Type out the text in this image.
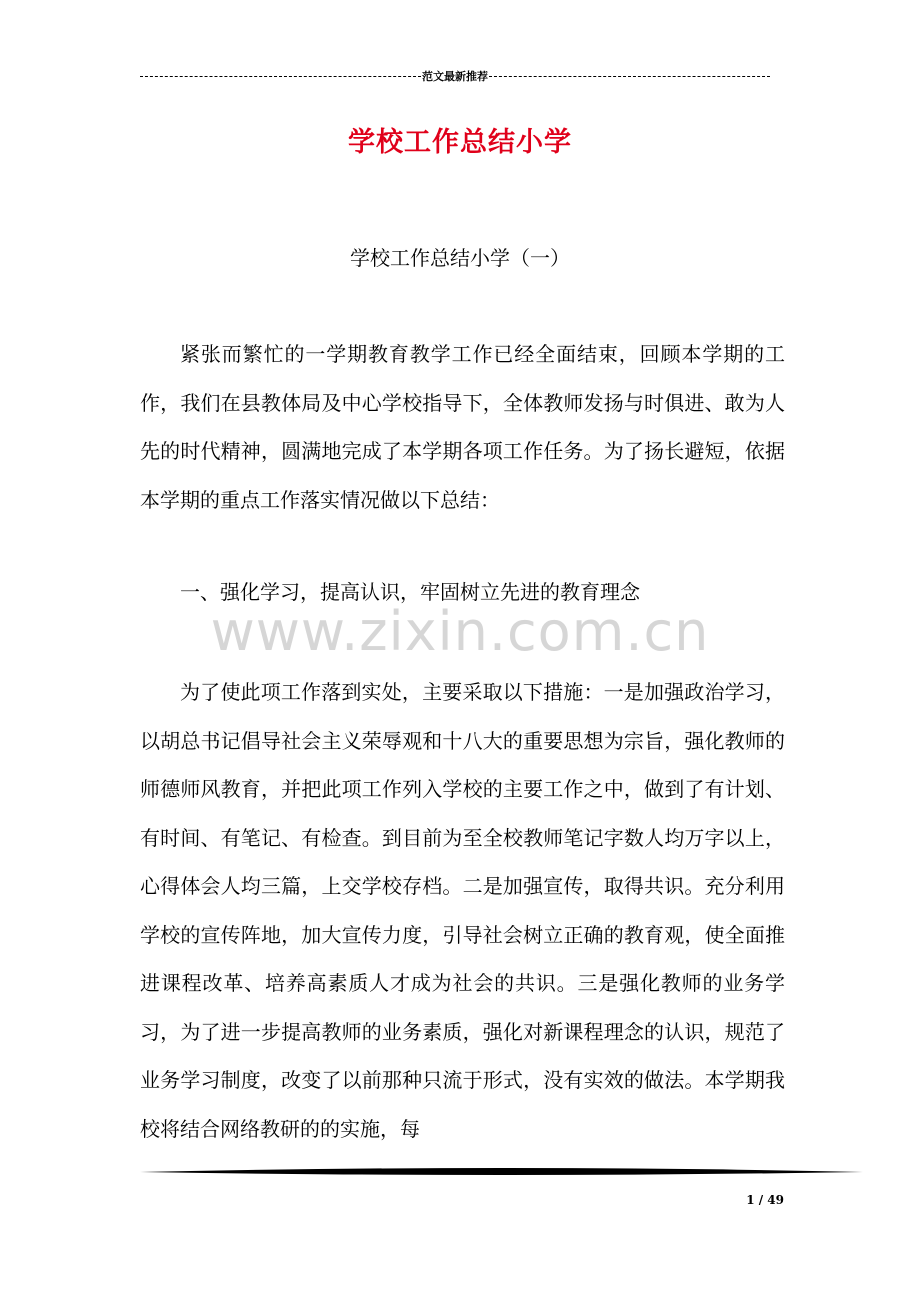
范文最新推荐
学校工作总结小学
学校工作总结小学（一）
紧张而繁忙的一学期教育教学工作已经全面结束，回顾本学期的工作，我们在县教体局及中心学校指导下，全体教师发扬与时俱进、敢为人先的时代精神，圆满地完成了本学期各项工作任务。为了扬长避短，依据本学期的重点工作落实情况做以下总结：
一、强化学习，提高认识，牢固树立先进的教育理念
www.zixin.com.cn
为了使此项工作落到实处，主要采取以下措施：一是加强政治学习，以胡总书记倡导社会主义荣辱观和十八大的重要思想为宗旨，强化教师的师德师风教育，并把此项工作列入学校的主要工作之中，做到了有计划、有时间、有笔记、有检查。到目前为至全校教师笔记字数人均万字以上，心得体会人均三篇，上交学校存档。二是加强宣传，取得共识。充分利用学校的宣传阵地，加大宣传力度，引导社会树立正确的教育观，使全面推进课程改革、培养高素质人才成为社会的共识。三是强化教师的业务学习，为了进一步提高教师的业务素质，强化对新课程理念的认识，规范了业务学习制度，改变了以前那种只流于形式，没有实效的做法。本学期我校将结合网络教研的的实施，每
1 / 49
